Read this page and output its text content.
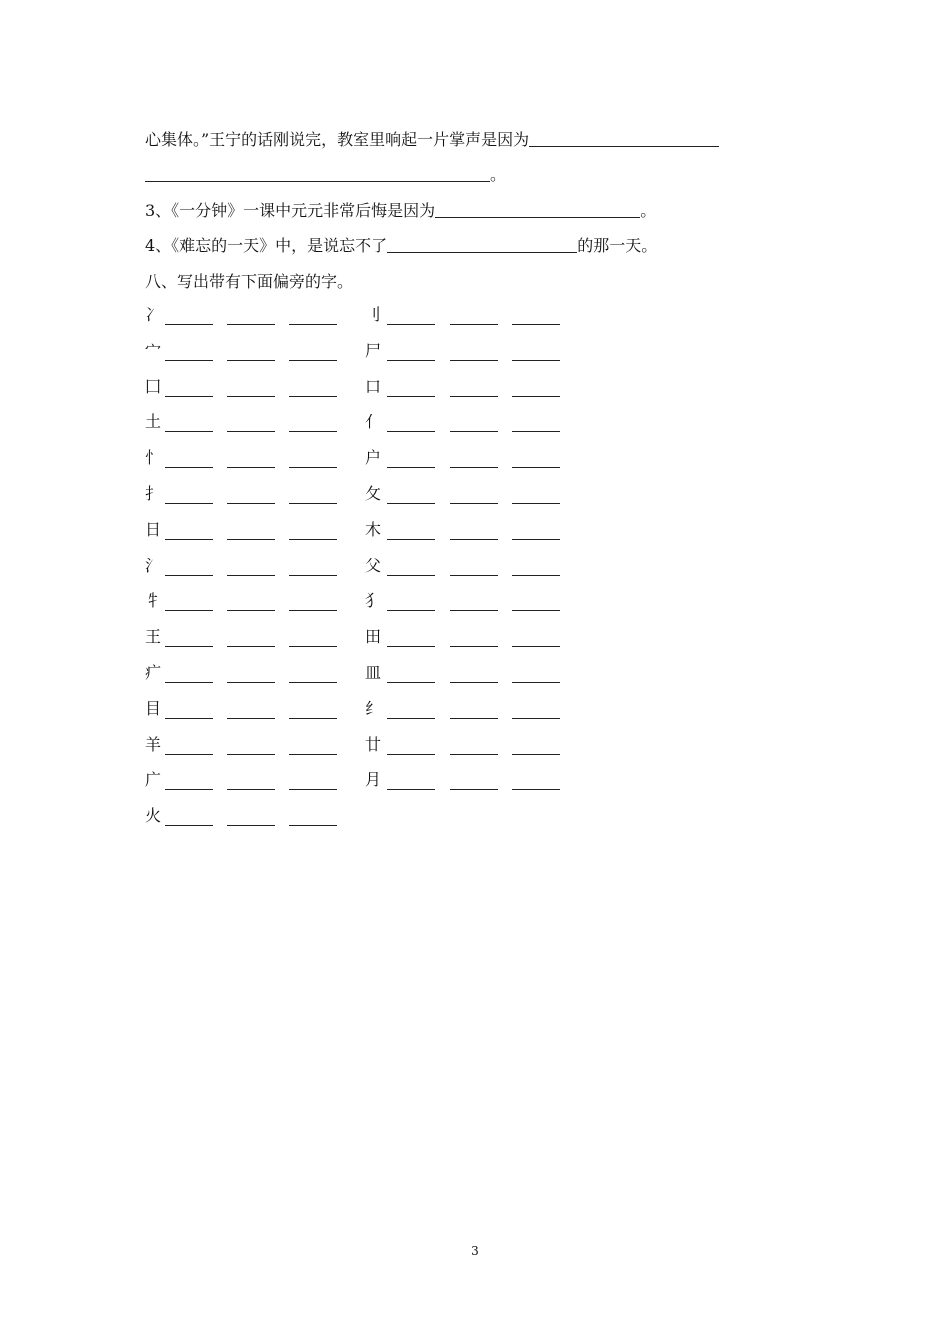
心集体。”王宁的话刚说完，教室里响起一片掌声是因为
。
3、《一分钟》一课中元元非常后悔是因为	。
4、《难忘的一天》中，是说忘不了	的那一天。
八、写出带有下面偏旁的字。
冫	刂
宀	尸
囗	口
土	亻
忄	户
扌	攵
日	木
氵	父
牜	犭
王	田
疒	皿
目	纟
羊	廿
广	月
火
3
